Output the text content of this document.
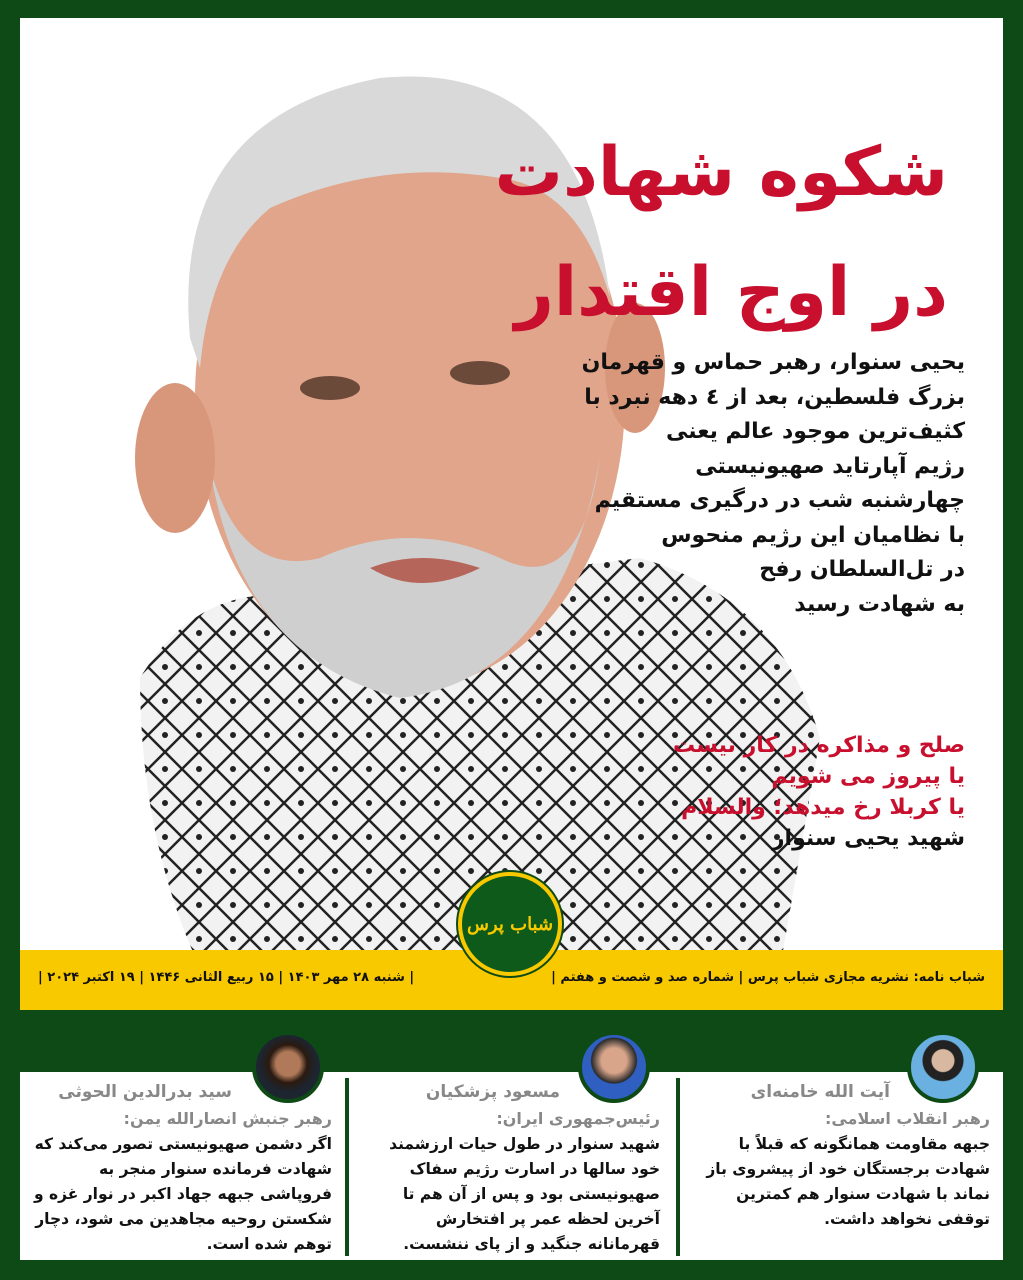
شکوه شهادت
در اوج اقتدار
یحیی سنوار، رهبر حماس و قهرمان
بزرگ فلسطین، بعد از ٤ دهه نبرد با
کثیف‌ترین موجود عالم یعنی
رژیم آپارتاید صهیونیستی
چهارشنبه شب در درگیری مستقیم
با نظامیان این رژیم منحوس
در تل‌السلطان رفح
به شهادت رسید
صلح و مذاکره در کار نیست
یا پیروز می شویم
یا کربلا رخ میدهد؛ والسلام
شهید یحیی سنوار
شباب نامه: نشریه مجازی شباب پرس | شماره صد و شصت و هفتم |
| شنبه ۲۸ مهر ۱۴۰۳ | ۱۵ ربیع الثانی ۱۴۴۶ | ۱۹ اکتبر ۲۰۲۴ |
شباب پرس
آیت الله خامنه‌ای
رهبر انقلاب اسلامی:
جبهه مقاومت همانگونه که قبلاً با شهادت برجستگان خود از پیشروی باز نماند با شهادت سنوار هم کمترین توقفی نخواهد داشت.
مسعود پزشکیان
رئیس‌جمهوری ایران:
شهید سنوار در طول حیات ارزشمند خود سالها در اسارت رژیم سفاک صهیونیستی بود و پس از آن هم تا آخرین لحظه عمر پر افتخارش قهرمانانه جنگید و از پای ننشست.
سید بدرالدین الحوثی
رهبر جنبش انصارالله یمن:
اگر دشمن صهیونیستی تصور می‌کند که شهادت فرمانده سنوار منجر به فروپاشی جبهه جهاد اکبر در نوار غزه و شکستن روحیه مجاهدین می شود، دچار توهم شده است.
